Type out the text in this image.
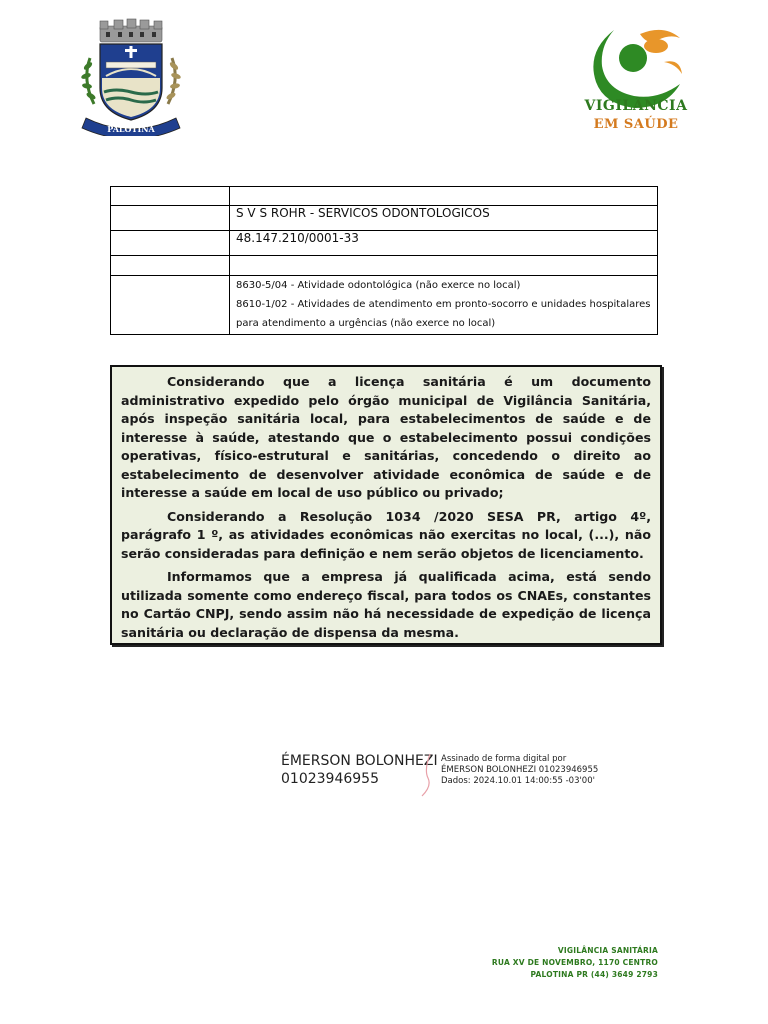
PALOTINA
VIGILÂNCIA
EM SAÚDE

	S V S ROHR - SERVICOS ODONTOLOGICOS
	48.147.210/0001-33

	8630-5/04 - Atividade odontológica (não exerce no local)
8610-1/02 - Atividades de atendimento em pronto-socorro e unidades hospitalares para atendimento a urgências (não exerce no local)

Considerando que a licença sanitária é um documento administrativo expedido pelo órgão municipal de Vigilância Sanitária, após inspeção sanitária local, para estabelecimentos de saúde e de interesse à saúde, atestando que o estabelecimento possui condições operativas, físico-estrutural e sanitárias, concedendo o direito ao estabelecimento de desenvolver atividade econômica de saúde e de interesse a saúde em local de uso público ou privado;

Considerando a Resolução 1034 /2020 SESA PR, artigo 4º, parágrafo 1 º, as atividades econômicas não exercitas no local, (...), não serão consideradas para definição e nem serão objetos de licenciamento.

Informamos que a empresa já qualificada acima, está sendo utilizada somente como endereço fiscal, para todos os CNAEs, constantes no Cartão CNPJ, sendo assim não há necessidade de expedição de licença sanitária ou declaração de dispensa da mesma.

ÉMERSON BOLONHEZI
01023946955
Assinado de forma digital por
ÉMERSON BOLONHEZI 01023946955
Dados: 2024.10.01 14:00:55 -03'00'
VIGILÂNCIA SANITÁRIA
RUA XV DE NOVEMBRO, 1170 CENTRO
PALOTINA PR (44) 3649 2793
